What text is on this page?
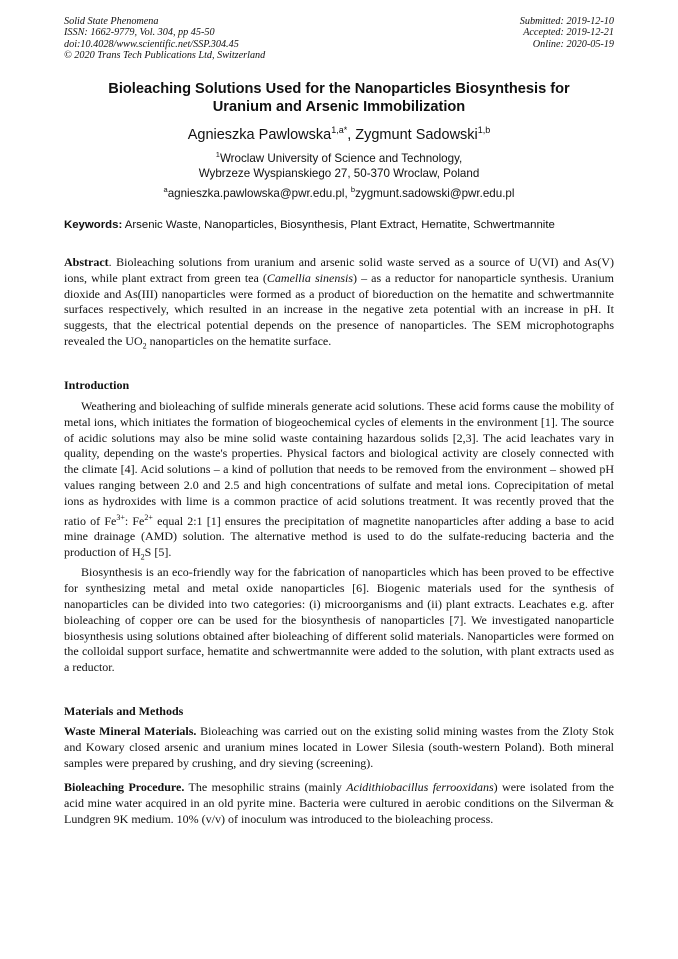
Solid State Phenomena
ISSN: 1662-9779, Vol. 304, pp 45-50
doi:10.4028/www.scientific.net/SSP.304.45
© 2020 Trans Tech Publications Ltd, Switzerland
Submitted: 2019-12-10
Accepted: 2019-12-21
Online: 2020-05-19
Bioleaching Solutions Used for the Nanoparticles Biosynthesis for
Uranium and Arsenic Immobilization
Agnieszka Pawlowska$^{1,a*}$, Zygmunt Sadowski$^{1,b}$
$^1$Wroclaw University of Science and Technology,
Wybrzeze Wyspianskiego 27, 50-370 Wroclaw, Poland
$^a$agnieszka.pawlowska@pwr.edu.pl, $^b$zygmunt.sadowski@pwr.edu.pl
Keywords: Arsenic Waste, Nanoparticles, Biosynthesis, Plant Extract, Hematite, Schwertmannite
Abstract. Bioleaching solutions from uranium and arsenic solid waste served as a source of U(VI) and As(V) ions, while plant extract from green tea (Camellia sinensis) – as a reductor for nanoparticle synthesis. Uranium dioxide and As(III) nanoparticles were formed as a product of bioreduction on the hematite and schwertmannite surfaces respectively, which resulted in an increase in the negative zeta potential with an increase in pH. It suggests, that the electrical potential depends on the presence of nanoparticles. The SEM microphotographs revealed the $UO_2$ nanoparticles on the hematite surface.
Introduction

Weathering and bioleaching of sulfide minerals generate acid solutions. These acid forms cause the mobility of metal ions, which initiates the formation of biogeochemical cycles of elements in the environment [1]. The source of acidic solutions may also be mine solid waste containing hazardous solids [2,3]. The acid leachates vary in quality, depending on the waste's properties. Physical factors and biological activity are closely connected with the climate [4]. Acid solutions – a kind of pollution that needs to be removed from the environment – showed pH values ranging between 2.0 and 2.5 and high concentrations of sulfate and metal ions. Coprecipitation of metal ions as hydroxides with lime is a common practice of acid solutions treatment. It was recently proved that the ratio of $Fe^{3+}$: $Fe^{2+}$ equal 2:1 [1] ensures the precipitation of magnetite nanoparticles after adding a base to acid mine drainage (AMD) solution. The alternative method is used to do the sulfate-reducing bacteria and the production of $H_2S$ [5].

Biosynthesis is an eco-friendly way for the fabrication of nanoparticles which has been proved to be effective for synthesizing metal and metal oxide nanoparticles [6]. Biogenic materials used for the synthesis of nanoparticles can be divided into two categories: (i) microorganisms and (ii) plant extracts. Leachates e.g. after bioleaching of copper ore can be used for the biosynthesis of nanoparticles [7]. We investigated nanoparticle biosynthesis using solutions obtained after bioleaching of different solid materials. Nanoparticles were formed on the colloidal support surface, hematite and schwertmannite were added to the solution, with plant extracts used as a reductor.

Materials and Methods

Waste Mineral Materials. Bioleaching was carried out on the existing solid mining wastes from the Zloty Stok and Kowary closed arsenic and uranium mines located in Lower Silesia (south-western Poland). Both mineral samples were prepared by crushing, and dry sieving (screening).

Bioleaching Procedure. The mesophilic strains (mainly Acidithiobacillus ferrooxidans) were isolated from the acid mine water acquired in an old pyrite mine. Bacteria were cultured in aerobic conditions on the Silverman & Lundgren 9K medium. 10% (v/v) of inoculum was introduced to the bioleaching process.
